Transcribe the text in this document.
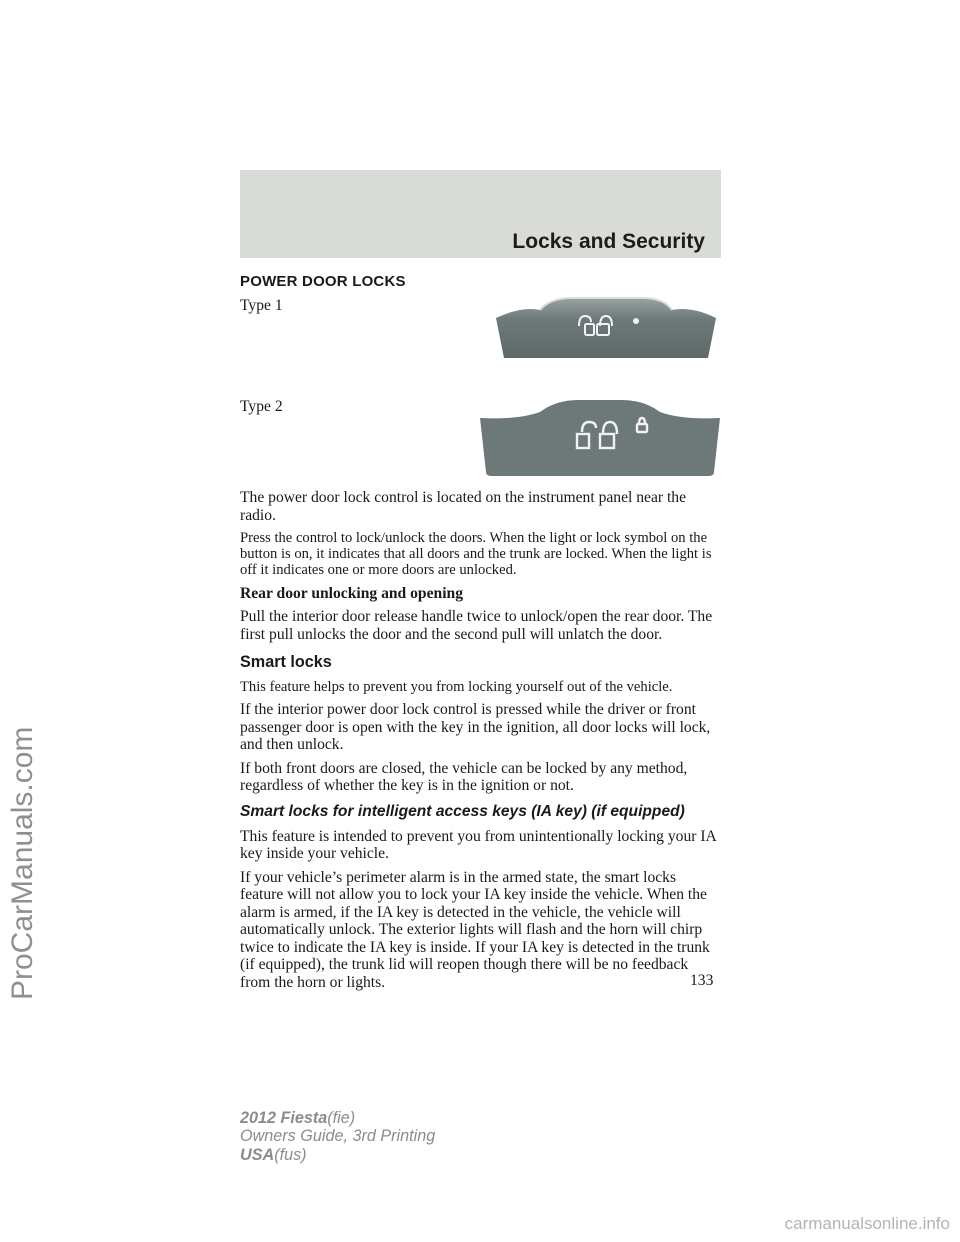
Locks and Security
POWER DOOR LOCKS
Type 1
Type 2

The power door lock control is located on the instrument panel near the radio.

Press the control to lock/unlock the doors. When the light or lock symbol on the button is on, it indicates that all doors and the trunk are locked. When the light is off it indicates one or more doors are unlocked.

Rear door unlocking and opening

Pull the interior door release handle twice to unlock/open the rear door. The first pull unlocks the door and the second pull will unlatch the door.

Smart locks

This feature helps to prevent you from locking yourself out of the vehicle.

If the interior power door lock control is pressed while the driver or front passenger door is open with the key in the ignition, all door locks will lock, and then unlock.

If both front doors are closed, the vehicle can be locked by any method, regardless of whether the key is in the ignition or not.

Smart locks for intelligent access keys (IA key) (if equipped)

This feature is intended to prevent you from unintentionally locking your IA key inside your vehicle.

If your vehicle’s perimeter alarm is in the armed state, the smart locks feature will not allow you to lock your IA key inside the vehicle. When the alarm is armed, if the IA key is detected in the vehicle, the vehicle will automatically unlock. The exterior lights will flash and the horn will chirp twice to indicate the IA key is inside. If your IA key is detected in the trunk (if equipped), the trunk lid will reopen though there will be no feedback from the horn or lights.	133
2012 Fiesta(fie)
Owners Guide, 3rd Printing
USA(fus)
ProCarManuals.com
carmanualsonline.info
